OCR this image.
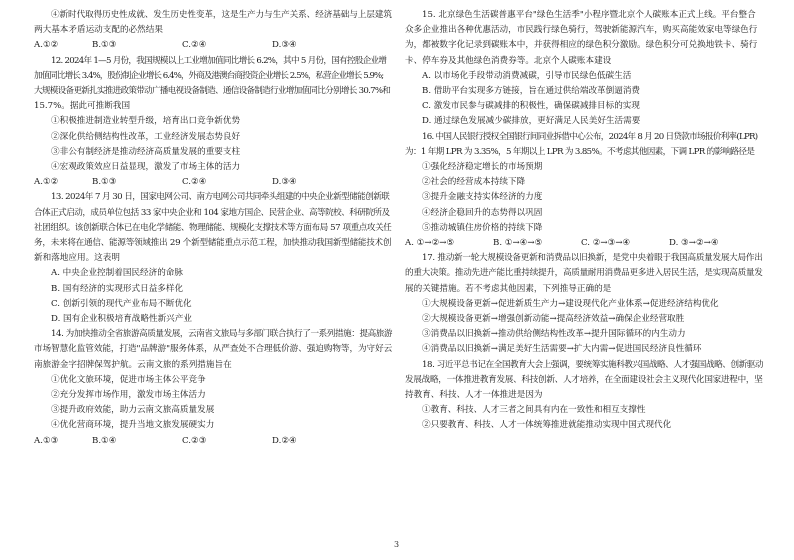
④新时代取得历史性成就、发生历史性变革，这是生产力与生产关系、经济基础与上层建筑

两大基本矛盾运动支配的必然结果

A.①②	B.①③	C.②④	D.③④

12. 2024年 1—5 月份，我国规模以上工业增加值同比增长 6.2%，其中 5 月份，国有控股企业增

加值同比增长 3.4%，股份制企业增长 6.4%，外商及港澳台商投资企业增长 2.5%，私营企业增长 5.9%;

大规模设备更新扎实推进政策带动广播电视设备制造、通信设备制造行业增加值同比分别增长 30.7%和

15.7%。据此可推断我国

①积极推进制造业转型升级，培育出口竞争新优势

②深化供给侧结构性改革，工业经济发展态势良好

③非公有制经济是推动经济高质量发展的重要支柱

④宏观政策效应日益显现，激发了市场主体的活力

A.①②	B.①③	C.②④	D.③④

13. 2024年 7 月 30 日，国家电网公司、南方电网公司共同牵头组建的中央企业新型储能创新联

合体正式启动，成员单位包括 33 家中央企业和 104 家地方国企、民营企业、高等院校、科研院所及

社团组织。该创新联合体已在电化学储能、物理储能、规模化支撑技术等方面布局 57 项重点攻关任

务，未来将在通信、能源等领域推出 29 个新型储能重点示范工程，加快推动我国新型储能技术创

新和落地应用。这表明

A. 中央企业控制着国民经济的命脉

B. 国有经济的实现形式日益多样化

C. 创新引领的现代产业布局不断优化

D. 国有企业积极培育战略性新兴产业

14. 为加快推动全省旅游高质量发展，云南省文旅局与多部门联合执行了一系列措施：提高旅游

市场智慧化监管效能，打造"品牌游"服务体系，从严查处不合理低价游、强迫购物等，为守好云

南旅游金字招牌保驾护航。云南文旅的系列措施旨在

①优化文旅环境，促进市场主体公平竞争

②充分发挥市场作用，激发市场主体活力

③提升政府效能，助力云南文旅高质量发展

④优化营商环境，提升当地文旅发展硬实力

A.①③	B.①④	C.②③	D.②④

15. 北京绿色生活碳普惠平台"绿色生活季"小程序暨北京个人碳账本正式上线。平台整合

众多企业推出各种优惠活动，市民践行绿色骑行，驾驶新能源汽车，购买高能效家电等绿色行

为，都被数字化记录到碳账本中，并获得相应的绿色积分激励。绿色积分可兑换地铁卡、骑行

卡、停车券及其他绿色消费券等。北京个人碳账本建设

A. 以市场化手段带动消费减碳，引导市民绿色低碳生活

B. 借助平台实现多方链接，旨在通过供给端改革倒逼消费

C. 激发市民参与碳减排的积极性，确保碳减排目标的实现

D. 通过绿色发展减少碳排放，更好满足人民美好生活需要

16. 中国人民银行授权全国银行间同业拆借中心公布，2024年 8 月 20 日贷款市场报价利率(LPR)

为：1 年期 LPR 为 3.35%，5 年期以上 LPR 为 3.85%。不考虑其他因素，下调 LPR 的影响路径是

①强化经济稳定增长的市场预期

②社会的经营成本持续下降

③提升金融支持实体经济的力度

④经济企稳回升的态势得以巩固

⑤推动城镇住房价格的持续下降

A. ①→②→⑤	B. ①→④→⑤	C. ②→③→④	D. ③→②→④

17. 推动新一轮大规模设备更新和消费品以旧换新，是党中央着眼于我国高质量发展大局作出

的重大决策。推动先进产能比重持续提升，高质量耐用消费品更多进入居民生活，是实现高质量发

展的关键措施。若不考虑其他因素，下列推导正确的是

①大规模设备更新→促进新质生产力→建设现代化产业体系→促进经济结构优化

②大规模设备更新→增强创新动能→提高经济效益→确保企业经营取胜

③消费品以旧换新→推动供给侧结构性改革→提升国际循环的内生动力

④消费品以旧换新→满足美好生活需要→扩大内需→促进国民经济良性循环

18. 习近平总书记在全国教育大会上强调，要统筹实施科教兴国战略、人才强国战略、创新驱动

发展战略，一体推进教育发展、科技创新、人才培养，在全面建设社会主义现代化国家进程中，坚

持教育、科技、人才一体推进是因为

①教育、科技、人才三者之间具有内在一致性和相互支撑性

②只要教育、科技、人才一体统筹推进就能推动实现中国式现代化

3
